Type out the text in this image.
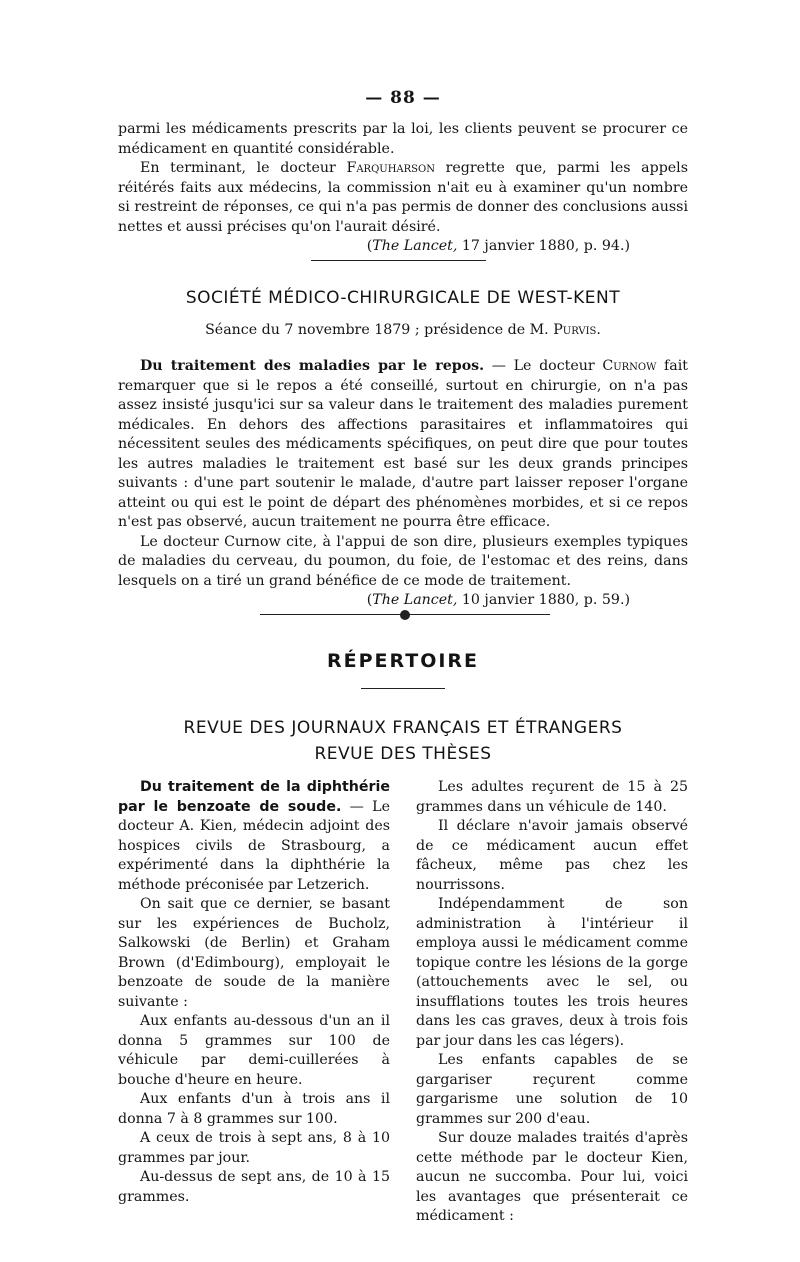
— 88 —

parmi les médicaments prescrits par la loi, les clients peuvent se procurer ce médicament en quantité considérable.

En terminant, le docteur Farquharson regrette que, parmi les appels réitérés faits aux médecins, la commission n'ait eu à examiner qu'un nombre si restreint de réponses, ce qui n'a pas permis de donner des conclusions aussi nettes et aussi précises qu'on l'aurait désiré.

(The Lancet, 17 janvier 1880, p. 94.)
SOCIÉTÉ MÉDICO-CHIRURGICALE DE WEST-KENT
Séance du 7 novembre 1879 ; présidence de M. Purvis.

Du traitement des maladies par le repos. — Le docteur Curnow fait remarquer que si le repos a été conseillé, surtout en chirurgie, on n'a pas assez insisté jusqu'ici sur sa valeur dans le traitement des maladies purement médicales. En dehors des affections parasitaires et inflammatoires qui nécessitent seules des médicaments spécifiques, on peut dire que pour toutes les autres maladies le traitement est basé sur les deux grands principes suivants : d'une part soutenir le malade, d'autre part laisser reposer l'organe atteint ou qui est le point de départ des phénomènes morbides, et si ce repos n'est pas observé, aucun traitement ne pourra être efficace.

Le docteur Curnow cite, à l'appui de son dire, plusieurs exemples typiques de maladies du cerveau, du poumon, du foie, de l'estomac et des reins, dans lesquels on a tiré un grand bénéfice de ce mode de traitement.

(The Lancet, 10 janvier 1880, p. 59.)
RÉPERTOIRE
REVUE DES JOURNAUX FRANÇAIS ET ÉTRANGERS
REVUE DES THÈSES

Du traitement de la diphthérie par le benzoate de soude. — Le docteur A. Kien, médecin adjoint des hospices civils de Strasbourg, a expérimenté dans la diphthérie la méthode préconisée par Letzerich.

On sait que ce dernier, se basant sur les expériences de Bucholz, Salkowski (de Berlin) et Graham Brown (d'Edimbourg), employait le benzoate de soude de la manière suivante :

Aux enfants au-dessous d'un an il donna 5 grammes sur 100 de véhicule par demi-cuillerées à bouche d'heure en heure.

Aux enfants d'un à trois ans il donna 7 à 8 grammes sur 100.

A ceux de trois à sept ans, 8 à 10 grammes par jour.

Au-dessus de sept ans, de 10 à 15 grammes.

Les adultes reçurent de 15 à 25 grammes dans un véhicule de 140.

Il déclare n'avoir jamais observé de ce médicament aucun effet fâcheux, même pas chez les nourrissons.

Indépendamment de son administration à l'intérieur il employa aussi le médicament comme topique contre les lésions de la gorge (attouchements avec le sel, ou insufflations toutes les trois heures dans les cas graves, deux à trois fois par jour dans les cas légers).

Les enfants capables de se gargariser reçurent comme gargarisme une solution de 10 grammes sur 200 d'eau.

Sur douze malades traités d'après cette méthode par le docteur Kien, aucun ne succomba. Pour lui, voici les avantages que présenterait ce médicament :
